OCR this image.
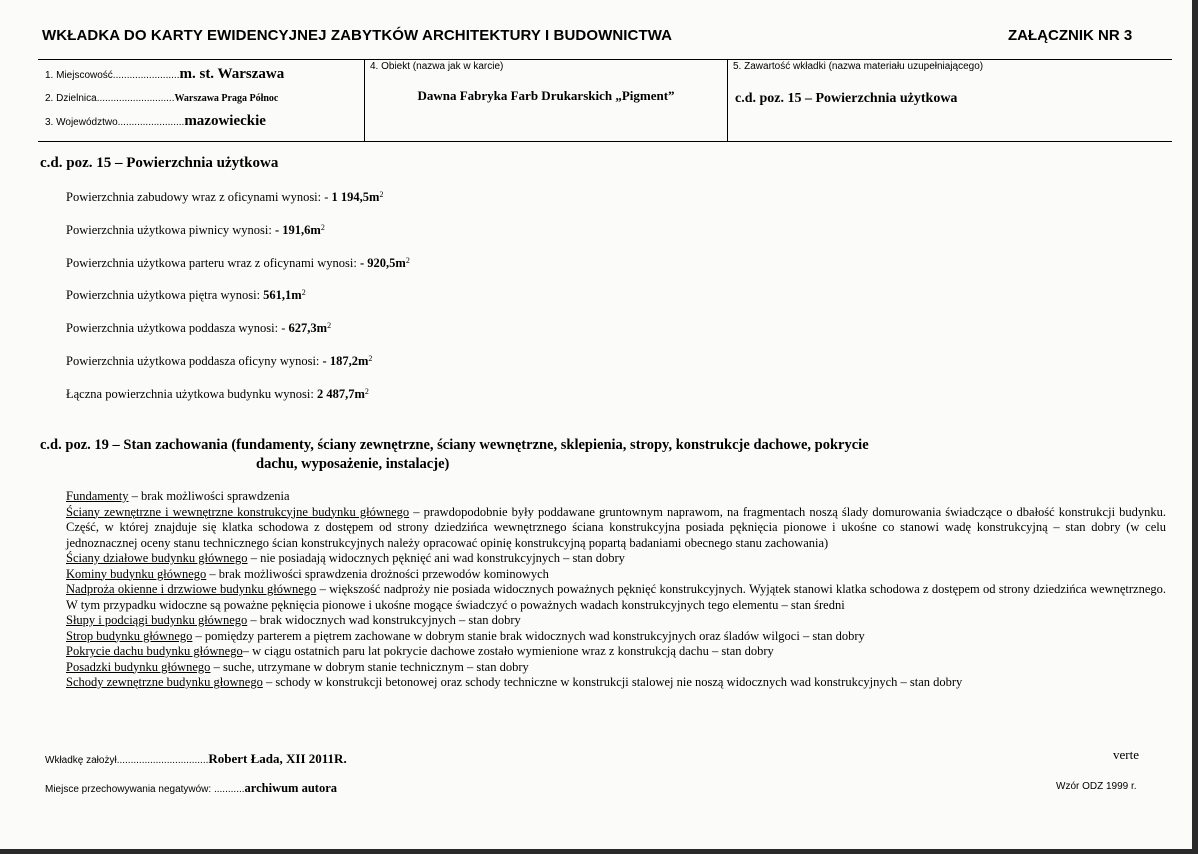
WKŁADKA DO KARTY EWIDENCYJNEJ ZABYTKÓW ARCHITEKTURY I BUDOWNICTWA	ZAŁĄCZNIK NR 3
1. Miejscowość........................m. st. Warszawa
2. Dzielnica............................Warszawa Praga Północ
3. Województwo........................mazowieckie
4. Obiekt (nazwa jak w karcie)
Dawna Fabryka Farb Drukarskich „Pigment”
5. Zawartość wkładki (nazwa materiału uzupełniającego)
c.d. poz. 15 – Powierzchnia użytkowa
c.d. poz. 15 – Powierzchnia użytkowa
Powierzchnia zabudowy wraz z oficynami wynosi: - 1 $194,5m^2$
Powierzchnia użytkowa piwnicy wynosi: - $191,6m^2$
Powierzchnia użytkowa parteru wraz z oficynami wynosi: - $920,5m^2$
Powierzchnia użytkowa piętra wynosi: $561,1m^2$
Powierzchnia użytkowa poddasza wynosi: - $627,3m^2$
Powierzchnia użytkowa poddasza oficyny wynosi: - $187,2m^2$
Łączna powierzchnia użytkowa budynku wynosi: 2 $487,7m^2$
c.d. poz. 19 – Stan zachowania (fundamenty, ściany zewnętrzne, ściany wewnętrzne, sklepienia, stropy, konstrukcje dachowe, pokrycie
dachu, wyposażenie, instalacje)

Fundamenty – brak możliwości sprawdzenia

Ściany zewnętrzne i wewnętrzne konstrukcyjne budynku głównego – prawdopodobnie były poddawane gruntownym naprawom, na fragmentach noszą ślady domurowania świadczące o dbałość konstrukcji budynku. Część, w której znajduje się klatka schodowa z dostępem od strony dziedzińca wewnętrznego ściana konstrukcyjna posiada pęknięcia pionowe i ukośne co stanowi wadę konstrukcyjną – stan dobry (w celu jednoznacznej oceny stanu technicznego ścian konstrukcyjnych należy opracować opinię konstrukcyjną popartą badaniami obecnego stanu zachowania)

Ściany działowe budynku głównego – nie posiadają widocznych pęknięć ani wad konstrukcyjnych – stan dobry

Kominy budynku głównego – brak możliwości sprawdzenia drożności przewodów kominowych

Nadproża okienne i drzwiowe budynku głównego – większość nadproży nie posiada widocznych poważnych pęknięć konstrukcyjnych. Wyjątek stanowi klatka schodowa z dostępem od strony dziedzińca wewnętrznego. W tym przypadku widoczne są poważne pęknięcia pionowe i ukośne mogące świadczyć o poważnych wadach konstrukcyjnych tego elementu – stan średni

Słupy i podciągi budynku głównego – brak widocznych wad konstrukcyjnych – stan dobry

Strop budynku głównego – pomiędzy parterem a piętrem zachowane w dobrym stanie brak widocznych wad konstrukcyjnych oraz śladów wilgoci – stan dobry

Pokrycie dachu budynku głównego– w ciągu ostatnich paru lat pokrycie dachowe zostało wymienione wraz z konstrukcją dachu – stan dobry

Posadzki budynku głównego – suche, utrzymane w dobrym stanie technicznym – stan dobry

Schody zewnętrzne budynku głownego – schody w konstrukcji betonowej oraz schody techniczne w konstrukcji stalowej nie noszą widocznych wad konstrukcyjnych – stan dobry

Wkładkę założył.................................Robert Łada, XII 2011R.	verte
Miejsce przechowywania negatywów: ...........archiwum autora	Wzór ODZ 1999 r.
